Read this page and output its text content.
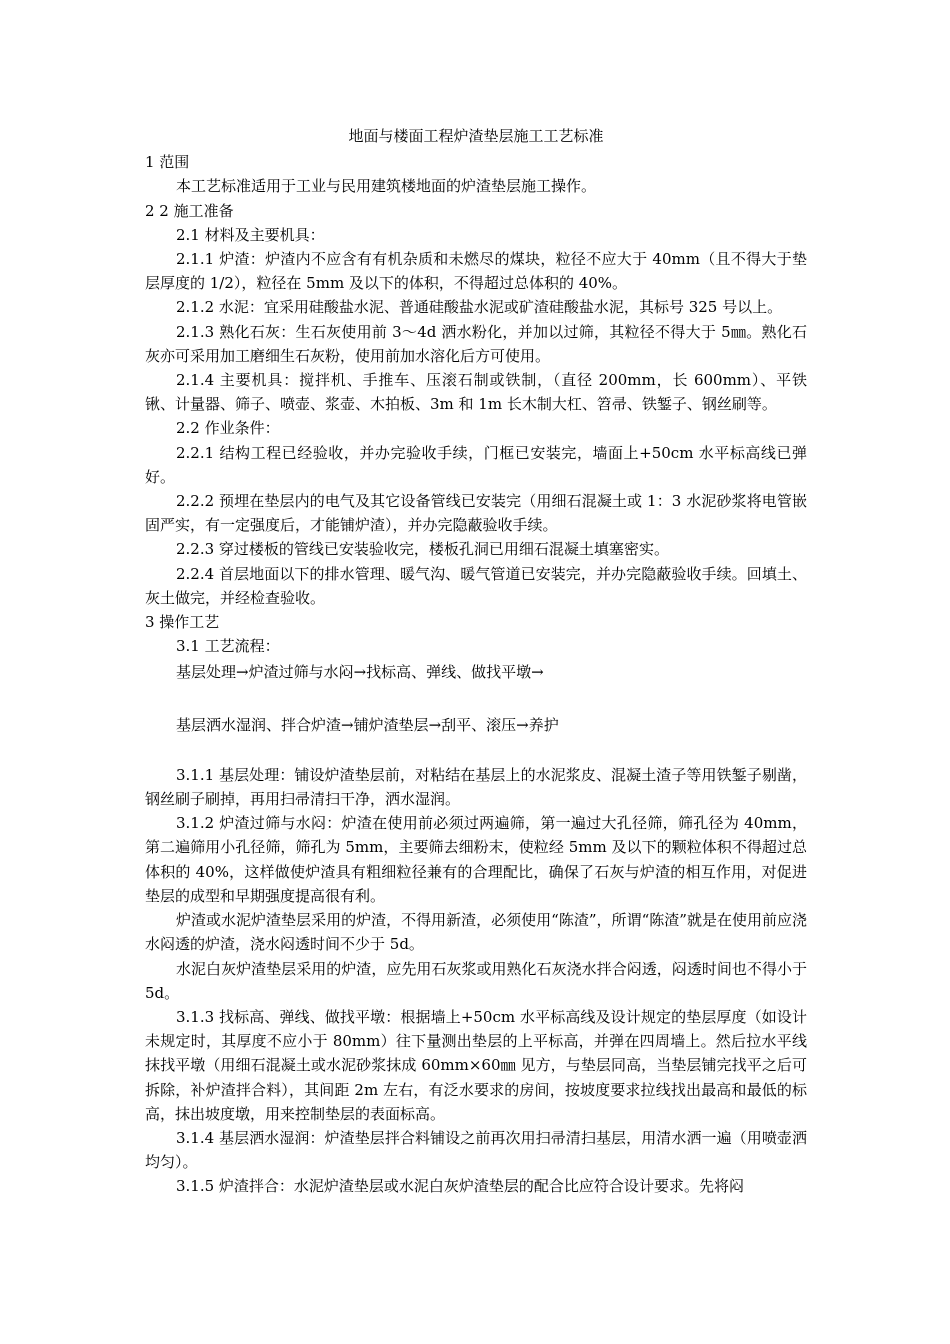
地面与楼面工程炉渣垫层施工工艺标准

1 范围

本工艺标准适用于工业与民用建筑楼地面的炉渣垫层施工操作。

2 2 施工准备

2.1 材料及主要机具：

2.1.1 炉渣：炉渣内不应含有有机杂质和未燃尽的煤块，粒径不应大于 40mm（且不得大于垫层厚度的 1/2），粒径在 5mm 及以下的体积，不得超过总体积的 40%。

2.1.2 水泥：宜采用硅酸盐水泥、普通硅酸盐水泥或矿渣硅酸盐水泥，其标号 325 号以上。

2.1.3 熟化石灰：生石灰使用前 3～4d 洒水粉化，并加以过筛，其粒径不得大于 5㎜。熟化石灰亦可采用加工磨细生石灰粉，使用前加水溶化后方可使用。

2.1.4 主要机具：搅拌机、手推车、压滚石制或铁制，（直径 200mm，长 600mm）、平铁锹、计量器、筛子、喷壶、浆壶、木拍板、3m 和 1m 长木制大杠、笤帚、铁錾子、钢丝刷等。

2.2 作业条件：

2.2.1 结构工程已经验收，并办完验收手续，门框已安装完，墙面上+50cm 水平标高线已弹好。

2.2.2 预埋在垫层内的电气及其它设备管线已安装完（用细石混凝土或 1：3 水泥砂浆将电管嵌固严实，有一定强度后，才能铺炉渣），并办完隐蔽验收手续。

2.2.3 穿过楼板的管线已安装验收完，楼板孔洞已用细石混凝土填塞密实。

2.2.4 首层地面以下的排水管理、暖气沟、暖气管道已安装完，并办完隐蔽验收手续。回填土、灰土做完，并经检查验收。

3 操作工艺

3.1 工艺流程：

基层处理→炉渣过筛与水闷→找标高、弹线、做找平墩→

基层洒水湿润、拌合炉渣→铺炉渣垫层→刮平、滚压→养护

3.1.1 基层处理：铺设炉渣垫层前，对粘结在基层上的水泥浆皮、混凝土渣子等用铁錾子剔凿，钢丝刷子刷掉，再用扫帚清扫干净，洒水湿润。

3.1.2 炉渣过筛与水闷：炉渣在使用前必须过两遍筛，第一遍过大孔径筛，筛孔径为 40mm，第二遍筛用小孔径筛，筛孔为 5mm，主要筛去细粉末，使粒经 5mm 及以下的颗粒体积不得超过总体积的 40%，这样做使炉渣具有粗细粒径兼有的合理配比，确保了石灰与炉渣的相互作用，对促进垫层的成型和早期强度提高很有利。

炉渣或水泥炉渣垫层采用的炉渣，不得用新渣，必须使用“陈渣”，所谓“陈渣”就是在使用前应浇水闷透的炉渣，浇水闷透时间不少于 5d。

水泥白灰炉渣垫层采用的炉渣，应先用石灰浆或用熟化石灰浇水拌合闷透，闷透时间也不得小于 5d。

3.1.3 找标高、弹线、做找平墩：根据墙上+50cm 水平标高线及设计规定的垫层厚度（如设计未规定时，其厚度不应小于 80mm）往下量测出垫层的上平标高，并弹在四周墙上。然后拉水平线抹找平墩（用细石混凝土或水泥砂浆抹成 60mm×60㎜ 见方，与垫层同高，当垫层铺完找平之后可拆除，补炉渣拌合料），其间距 2m 左右，有泛水要求的房间，按坡度要求拉线找出最高和最低的标高，抹出坡度墩，用来控制垫层的表面标高。

3.1.4 基层洒水湿润：炉渣垫层拌合料铺设之前再次用扫帚清扫基层，用清水洒一遍（用喷壶洒均匀）。

3.1.5 炉渣拌合：水泥炉渣垫层或水泥白灰炉渣垫层的配合比应符合设计要求。先将闷
